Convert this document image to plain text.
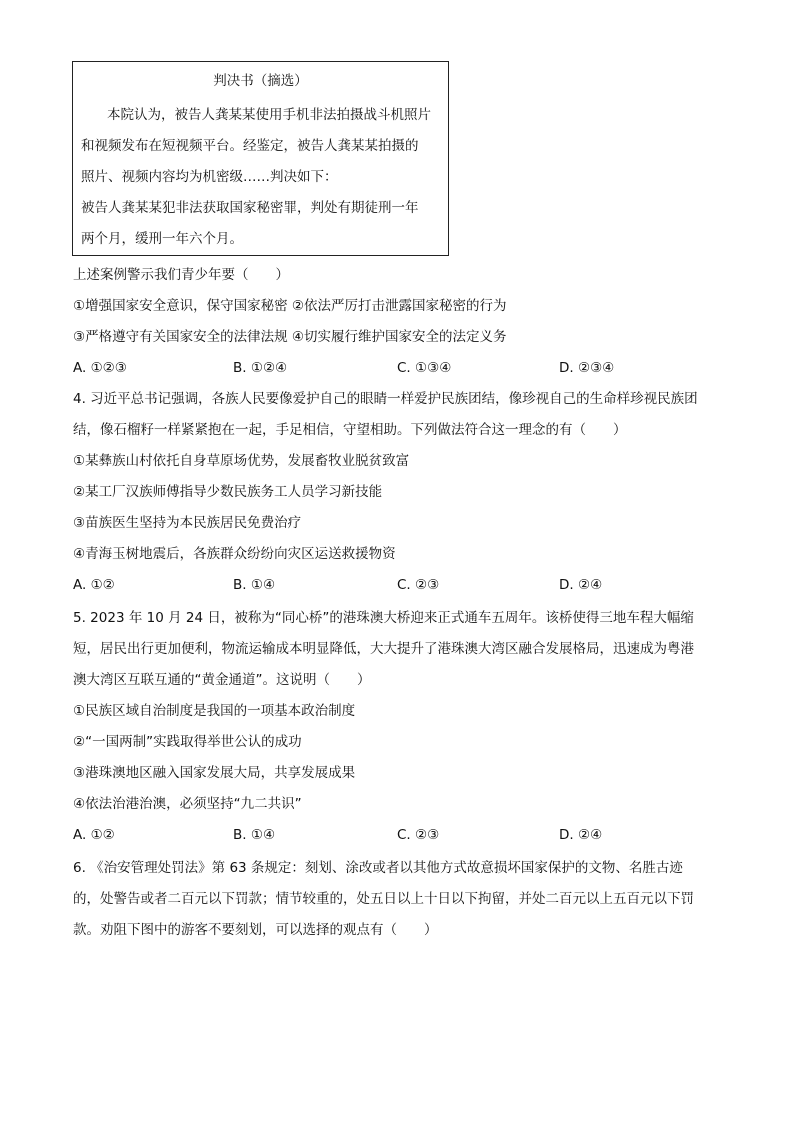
判决书（摘选）
本院认为，被告人龚某某使用手机非法拍摄战斗机照片
和视频发布在短视频平台。经鉴定，被告人龚某某拍摄的
照片、视频内容均为机密级……判决如下：
被告人龚某某犯非法获取国家秘密罪，判处有期徒刑一年
两个月，缓刑一年六个月。
上述案例警示我们青少年要（　　）
①增强国家安全意识，保守国家秘密 ②依法严厉打击泄露国家秘密的行为
③严格遵守有关国家安全的法律法规 ④切实履行维护国家安全的法定义务
A. ①②③	B. ①②④	C. ①③④	D. ②③④
4. 习近平总书记强调，各族人民要像爱护自己的眼睛一样爱护民族团结，像珍视自己的生命样珍视民族团
结，像石榴籽一样紧紧抱在一起，手足相信，守望相助。下列做法符合这一理念的有（　　）
①某彝族山村依托自身草原场优势，发展畜牧业脱贫致富
②某工厂汉族师傅指导少数民族务工人员学习新技能
③苗族医生坚持为本民族居民免费治疗
④青海玉树地震后，各族群众纷纷向灾区运送救援物资
A. ①②	B. ①④	C. ②③	D. ②④
5. 2023 年 10 月 24 日，被称为“同心桥”的港珠澳大桥迎来正式通车五周年。该桥使得三地车程大幅缩
短，居民出行更加便利，物流运输成本明显降低，大大提升了港珠澳大湾区融合发展格局，迅速成为粤港
澳大湾区互联互通的“黄金通道”。这说明（　　）
①民族区域自治制度是我国的一项基本政治制度
②“一国两制”实践取得举世公认的成功
③港珠澳地区融入国家发展大局，共享发展成果
④依法治港治澳，必须坚持“九二共识”
A. ①②	B. ①④	C. ②③	D. ②④
6. 《治安管理处罚法》第 63 条规定：刻划、涂改或者以其他方式故意损坏国家保护的文物、名胜古迹
的，处警告或者二百元以下罚款；情节较重的，处五日以上十日以下拘留，并处二百元以上五百元以下罚
款。劝阻下图中的游客不要刻划，可以选择的观点有（　　）
